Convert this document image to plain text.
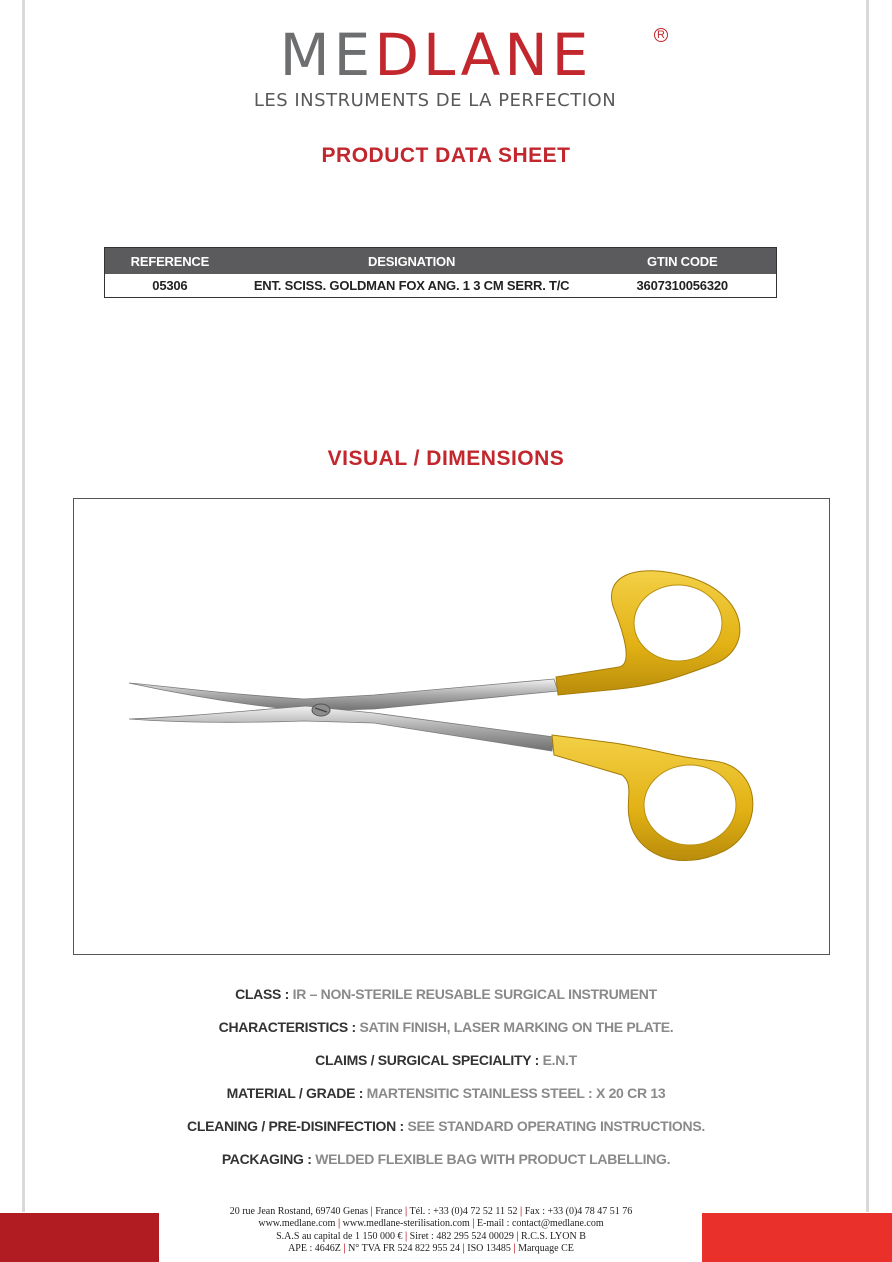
MEDLANE	R
LES INSTRUMENTS DE LA PERFECTION
PRODUCT DATA SHEET
REFERENCE	DESIGNATION	GTIN CODE
05306	ENT. SCISS. GOLDMAN FOX ANG. 1 3 CM SERR. T/C	3607310056320
VISUAL / DIMENSIONS
CLASS : IR – NON-STERILE REUSABLE SURGICAL INSTRUMENT
CHARACTERISTICS : SATIN FINISH, LASER MARKING ON THE PLATE.
CLAIMS / SURGICAL SPECIALITY : E.N.T
MATERIAL / GRADE : MARTENSITIC STAINLESS STEEL : X 20 CR 13
CLEANING / PRE-DISINFECTION : SEE STANDARD OPERATING INSTRUCTIONS.
PACKAGING : WELDED FLEXIBLE BAG WITH PRODUCT LABELLING.
20 rue Jean Rostand, 69740 Genas | France | Tél. : +33 (0)4 72 52 11 52 | Fax : +33 (0)4 78 47 51 76
www.medlane.com | www.medlane-sterilisation.com | E-mail : contact@medlane.com
S.A.S au capital de 1 150 000 € | Siret : 482 295 524 00029 | R.C.S. LYON B
APE : 4646Z | N° TVA FR 524 822 955 24 | ISO 13485 | Marquage CE
